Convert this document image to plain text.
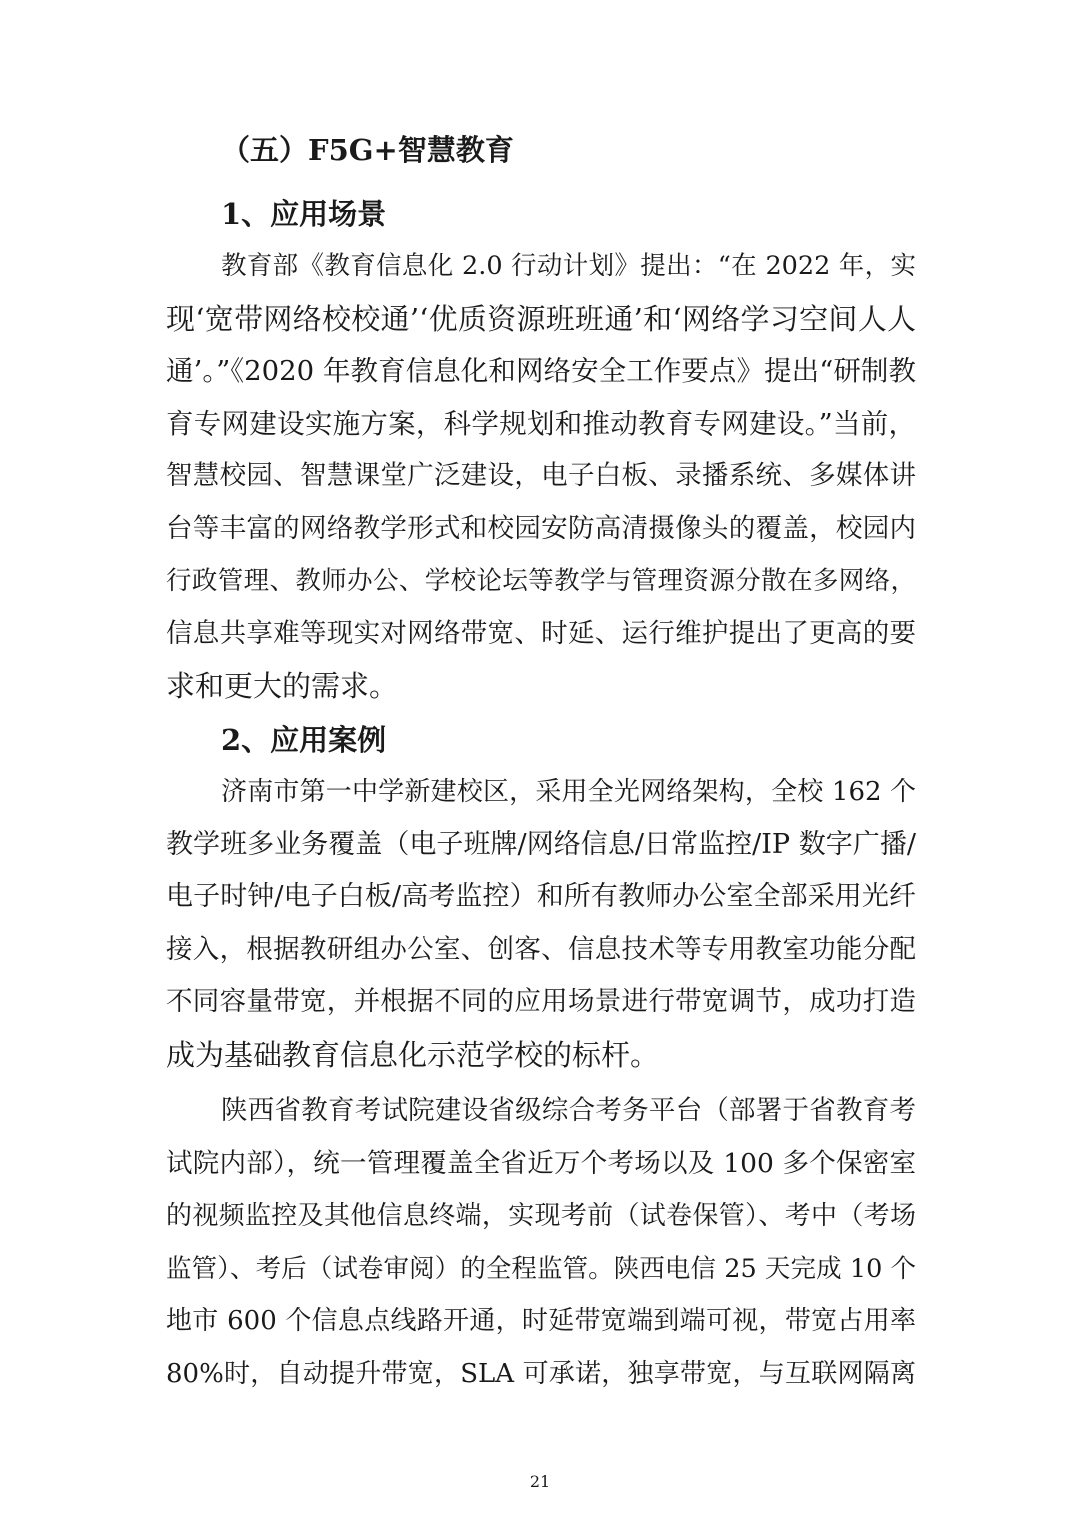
（五）F5G+智慧教育
1、应用场景
教育部《教育信息化 2.0 行动计划》提出：“在 2022 年，实
现‘宽带网络校校通’‘优质资源班班通’和‘网络学习空间人人
通’。”《2020 年教育信息化和网络安全工作要点》提出“研制教
育专网建设实施方案，科学规划和推动教育专网建设。”当前，
智慧校园、智慧课堂广泛建设，电子白板、录播系统、多媒体讲
台等丰富的网络教学形式和校园安防高清摄像头的覆盖，校园内
行政管理、教师办公、学校论坛等教学与管理资源分散在多网络，
信息共享难等现实对网络带宽、时延、运行维护提出了更高的要
求和更大的需求。
2、应用案例
济南市第一中学新建校区，采用全光网络架构，全校 162 个
教学班多业务覆盖（电子班牌/网络信息/日常监控/IP 数字广播/
电子时钟/电子白板/高考监控）和所有教师办公室全部采用光纤
接入，根据教研组办公室、创客、信息技术等专用教室功能分配
不同容量带宽，并根据不同的应用场景进行带宽调节，成功打造
成为基础教育信息化示范学校的标杆。
陕西省教育考试院建设省级综合考务平台（部署于省教育考
试院内部），统一管理覆盖全省近万个考场以及 100 多个保密室
的视频监控及其他信息终端，实现考前（试卷保管）、考中（考场
监管）、考后（试卷审阅）的全程监管。陕西电信 25 天完成 10 个
地市 600 个信息点线路开通，时延带宽端到端可视，带宽占用率
80%时，自动提升带宽，SLA 可承诺，独享带宽，与互联网隔离
21
